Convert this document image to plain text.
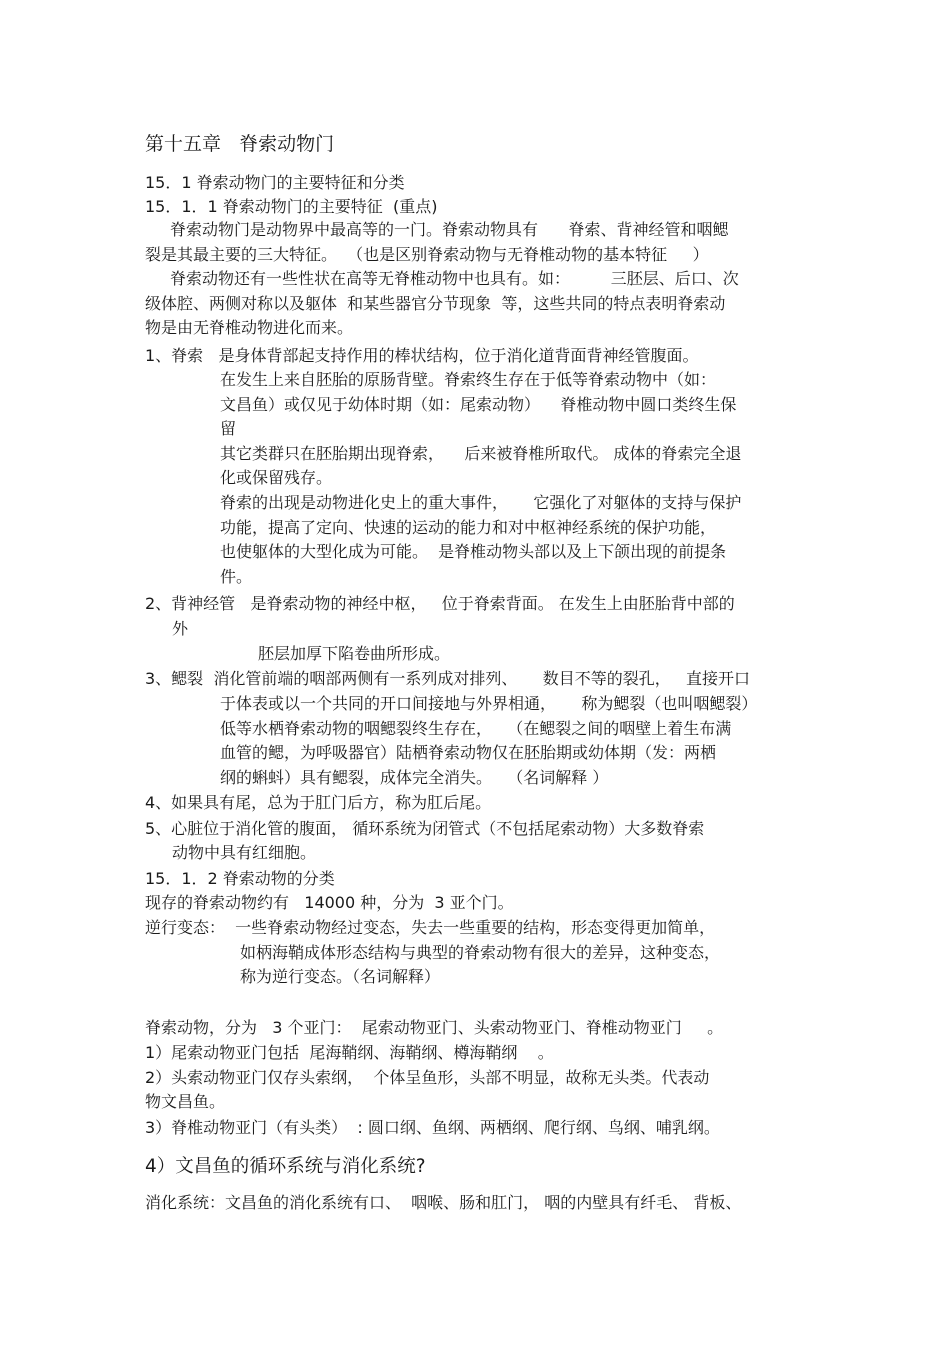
第十五章   脊索动物门
15．1 脊索动物门的主要特征和分类
15．1．1 脊索动物门的主要特征  (重点)
脊索动物门是动物界中最高等的一门。脊索动物具有      脊索、背神经管和咽鳃
裂是其最主要的三大特征。  （也是区别脊索动物与无脊椎动物的基本特征     ）
脊索动物还有一些性状在高等无脊椎动物中也具有。如：        三胚层、后口、次
级体腔、两侧对称以及躯体  和某些器官分节现象  等，这些共同的特点表明脊索动
物是由无脊椎动物进化而来。
1、脊索   是身体背部起支持作用的棒状结构，位于消化道背面背神经管腹面。
在发生上来自胚胎的原肠背壁。脊索终生存在于低等脊索动物中（如：
文昌鱼）或仅见于幼体时期（如：尾索动物）    脊椎动物中圆口类终生保
留
其它类群只在胚胎期出现脊索，    后来被脊椎所取代。 成体的脊索完全退
化或保留残存。
脊索的出现是动物进化史上的重大事件，     它强化了对躯体的支持与保护
功能，提高了定向、快速的运动的能力和对中枢神经系统的保护功能，
也使躯体的大型化成为可能。  是脊椎动物头部以及上下颌出现的前提条
件。
2、背神经管   是脊索动物的神经中枢，   位于脊索背面。 在发生上由胚胎背中部的
外
胚层加厚下陷卷曲所形成。
3、鳃裂  消化管前端的咽部两侧有一系列成对排列、     数目不等的裂孔，   直接开口
于体表或以一个共同的开口间接地与外界相通，     称为鳃裂（也叫咽鳃裂）
低等水栖脊索动物的咽鳃裂终生存在，   （在鳃裂之间的咽壁上着生布满
血管的鳃，为呼吸器官）陆栖脊索动物仅在胚胎期或幼体期（发：两栖
纲的蝌蚪）具有鳃裂，成体完全消失。   （名词解释 ）
4、如果具有尾，总为于肛门后方，称为肛后尾。
5、心脏位于消化管的腹面， 循环系统为闭管式（不包括尾索动物）大多数脊索
动物中具有红细胞。
15．1．2 脊索动物的分类
现存的脊索动物约有   14000 种，分为  3 亚个门。
逆行变态：  一些脊索动物经过变态，失去一些重要的结构，形态变得更加简单，
如柄海鞘成体形态结构与典型的脊索动物有很大的差异，这种变态，
称为逆行变态。（名词解释）
脊索动物，分为   3 个亚门：  尾索动物亚门、头索动物亚门、脊椎动物亚门     。
1）尾索动物亚门包括  尾海鞘纲、海鞘纲、樽海鞘纲    。
2）头索动物亚门仅存头索纲，  个体呈鱼形，头部不明显，故称无头类。代表动
物文昌鱼。
3）脊椎动物亚门（有头类）  : 圆口纲、鱼纲、两栖纲、爬行纲、鸟纲、哺乳纲。
4）文昌鱼的循环系统与消化系统?
消化系统：文昌鱼的消化系统有口、  咽喉、肠和肛门， 咽的内壁具有纤毛、 背板、
